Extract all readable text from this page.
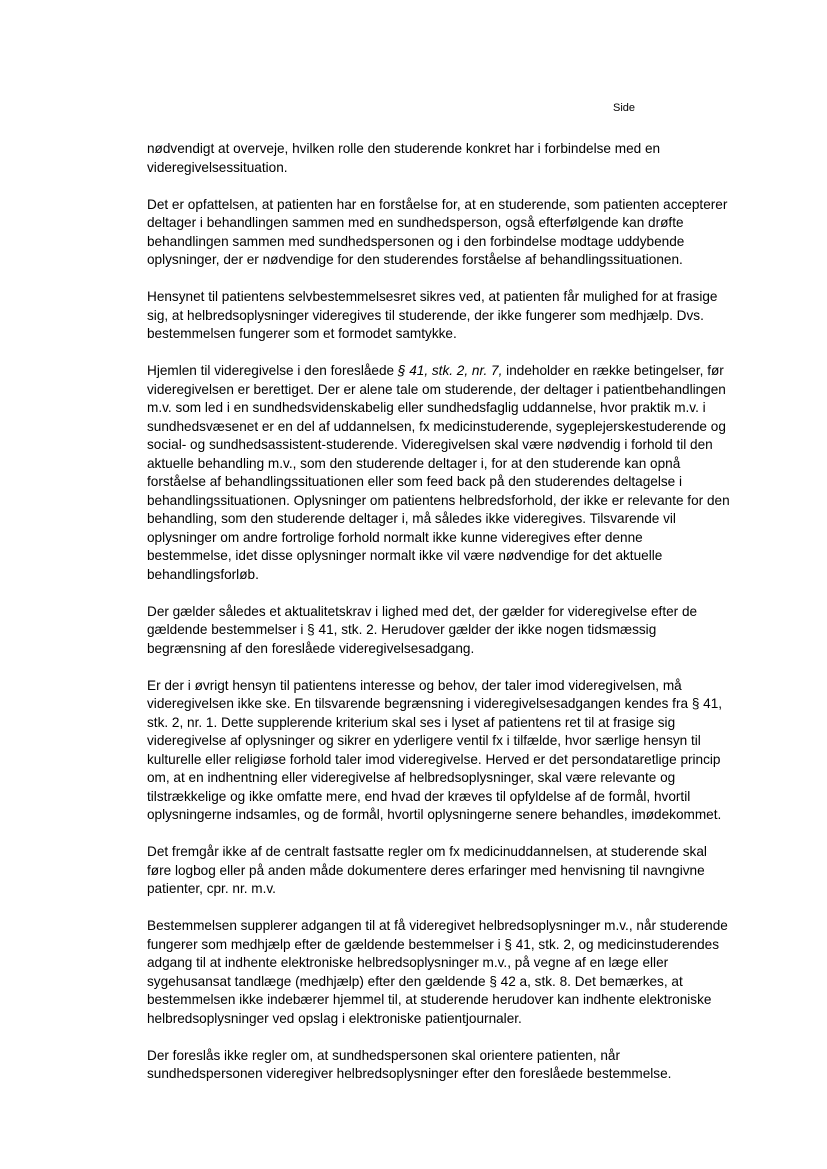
Side

nødvendigt at overveje, hvilken rolle den studerende konkret har i forbindelse med en
videregivelsessituation.

Det er opfattelsen, at patienten har en forståelse for, at en studerende, som patienten accepterer
deltager i behandlingen sammen med en sundhedsperson, også efterfølgende kan drøfte
behandlingen sammen med sundhedspersonen og i den forbindelse modtage uddybende
oplysninger, der er nødvendige for den studerendes forståelse af behandlingssituationen.

Hensynet til patientens selvbestemmelsesret sikres ved, at patienten får mulighed for at frasige
sig, at helbredsoplysninger videregives til studerende, der ikke fungerer som medhjælp. Dvs.
bestemmelsen fungerer som et formodet samtykke.

Hjemlen til videregivelse i den foreslåede § 41, stk. 2, nr. 7, indeholder en række betingelser, før
videregivelsen er berettiget. Der er alene tale om studerende, der deltager i patientbehandlingen
m.v. som led i en sundhedsvidenskabelig eller sundhedsfaglig uddannelse, hvor praktik m.v. i
sundhedsvæsenet er en del af uddannelsen, fx medicinstuderende, sygeplejerskestuderende og
social- og sundhedsassistent-studerende. Videregivelsen skal være nødvendig i forhold til den
aktuelle behandling m.v., som den studerende deltager i, for at den studerende kan opnå
forståelse af behandlingssituationen eller som feed back på den studerendes deltagelse i
behandlingssituationen. Oplysninger om patientens helbredsforhold, der ikke er relevante for den
behandling, som den studerende deltager i, må således ikke videregives. Tilsvarende vil
oplysninger om andre fortrolige forhold normalt ikke kunne videregives efter denne
bestemmelse, idet disse oplysninger normalt ikke vil være nødvendige for det aktuelle
behandlingsforløb.

Der gælder således et aktualitetskrav i lighed med det, der gælder for videregivelse efter de
gældende bestemmelser i § 41, stk. 2. Herudover gælder der ikke nogen tidsmæssig
begrænsning af den foreslåede videregivelsesadgang.

Er der i øvrigt hensyn til patientens interesse og behov, der taler imod videregivelsen, må
videregivelsen ikke ske. En tilsvarende begrænsning i videregivelsesadgangen kendes fra § 41,
stk. 2, nr. 1. Dette supplerende kriterium skal ses i lyset af patientens ret til at frasige sig
videregivelse af oplysninger og sikrer en yderligere ventil fx i tilfælde, hvor særlige hensyn til
kulturelle eller religiøse forhold taler imod videregivelse. Herved er det persondataretlige princip
om, at en indhentning eller videregivelse af helbredsoplysninger, skal være relevante og
tilstrækkelige og ikke omfatte mere, end hvad der kræves til opfyldelse af de formål, hvortil
oplysningerne indsamles, og de formål, hvortil oplysningerne senere behandles, imødekommet.

Det fremgår ikke af de centralt fastsatte regler om fx medicinuddannelsen, at studerende skal
føre logbog eller på anden måde dokumentere deres erfaringer med henvisning til navngivne
patienter, cpr. nr. m.v.

Bestemmelsen supplerer adgangen til at få videregivet helbredsoplysninger m.v., når studerende
fungerer som medhjælp efter de gældende bestemmelser i § 41, stk. 2, og medicinstuderendes
adgang til at indhente elektroniske helbredsoplysninger m.v., på vegne af en læge eller
sygehusansat tandlæge (medhjælp) efter den gældende § 42 a, stk. 8. Det bemærkes, at
bestemmelsen ikke indebærer hjemmel til, at studerende herudover kan indhente elektroniske
helbredsoplysninger ved opslag i elektroniske patientjournaler.

Der foreslås ikke regler om, at sundhedspersonen skal orientere patienten, når
sundhedspersonen videregiver helbredsoplysninger efter den foreslåede bestemmelse.
